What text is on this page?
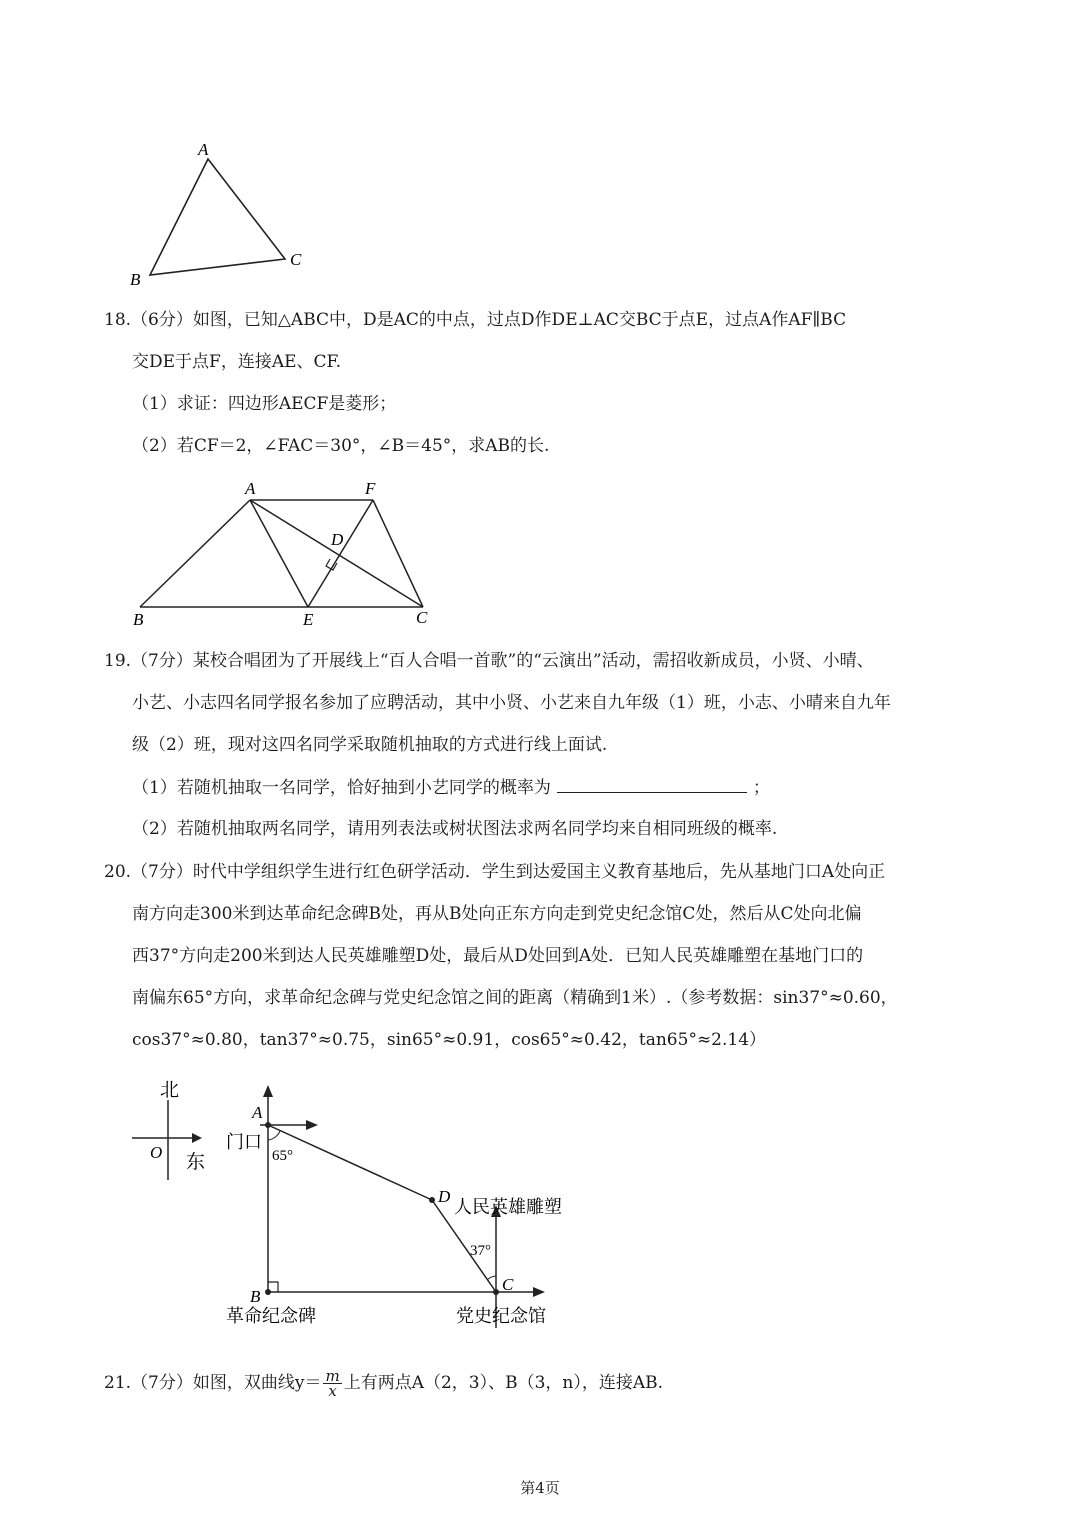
A
B
C
18.（6分）如图，已知△ABC中，D是AC的中点，过点D作DE⊥AC交BC于点E，过点A作AF∥BC
交DE于点F，连接AE、CF.
（1）求证：四边形AECF是菱形；
（2）若CF＝2，∠FAC＝30°，∠B＝45°，求AB的长.
A	F
D
B	E	C
19.（7分）某校合唱团为了开展线上“百人合唱一首歌”的“云演出”活动，需招收新成员，小贤、小晴、
小艺、小志四名同学报名参加了应聘活动，其中小贤、小艺来自九年级（1）班，小志、小晴来自九年
级（2）班，现对这四名同学采取随机抽取的方式进行线上面试.
（1）若随机抽取一名同学，恰好抽到小艺同学的概率为	；
（2）若随机抽取两名同学，请用列表法或树状图法求两名同学均来自相同班级的概率.
20.（7分）时代中学组织学生进行红色研学活动．学生到达爱国主义教育基地后，先从基地门口A处向正
南方向走300米到达革命纪念碑B处，再从B处向正东方向走到党史纪念馆C处，然后从C处向北偏
西37°方向走200米到达人民英雄雕塑D处，最后从D处回到A处．已知人民英雄雕塑在基地门口的
南偏东65°方向，求革命纪念碑与党史纪念馆之间的距离（精确到1米）.（参考数据：sin37°≈0.60，
cos37°≈0.80，tan37°≈0.75，sin65°≈0.91，cos65°≈0.42，tan65°≈2.14）
北
东
O
A
门口
65°
D
人民英雄雕塑
37°
B
革命纪念碑
C
党史纪念馆
21.（7分）如图，双曲线$y= \frac{m}{x}$ 上有两点A（2，3）、B（3，n），连接AB.
第4页
